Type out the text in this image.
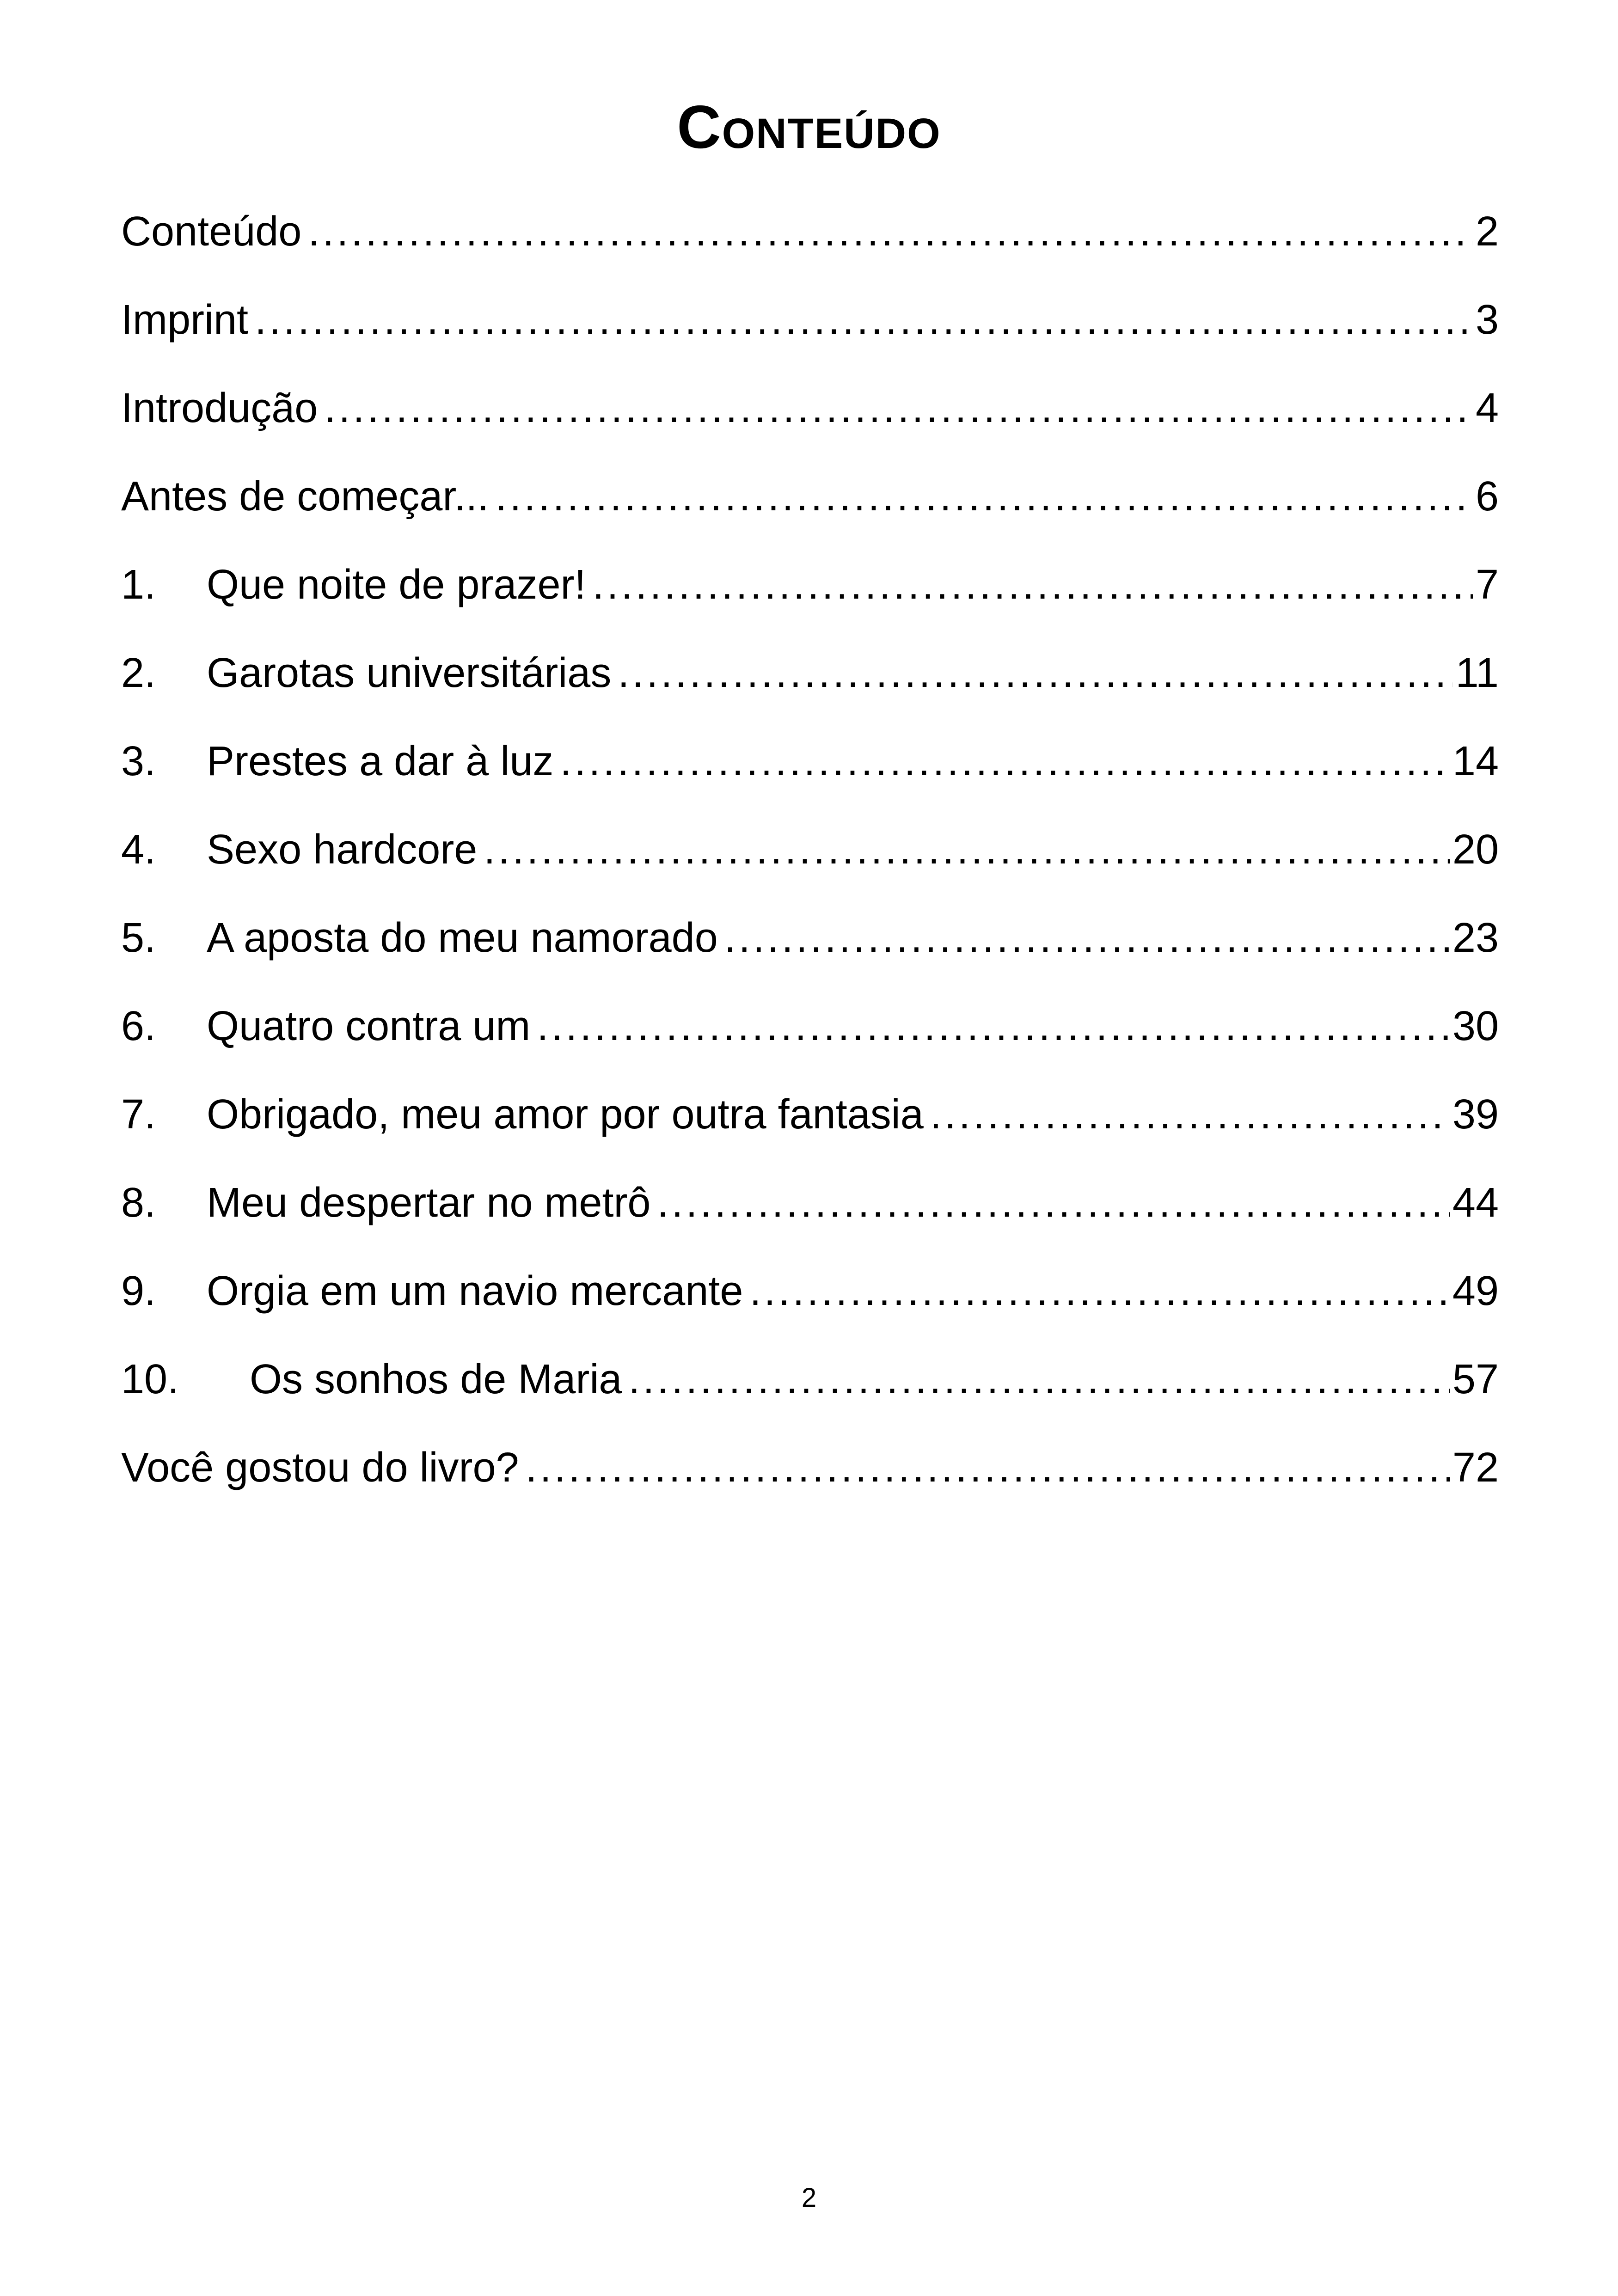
Conteúdo
Conteúdo .....	2
Imprint .....	3
Introdução .....	4
Antes de começar... .....	6
1.	Que noite de prazer! .....	7
2.	Garotas universitárias .....	11
3.	Prestes a dar à luz .....	14
4.	Sexo hardcore .....	20
5.	A aposta do meu namorado .....	23
6.	Quatro contra um .....	30
7.	Obrigado, meu amor por outra fantasia .....	39
8.	Meu despertar no metrô .....	44
9.	Orgia em um navio mercante .....	49
10.	Os sonhos de Maria .....	57
Você gostou do livro? .....	72
2
